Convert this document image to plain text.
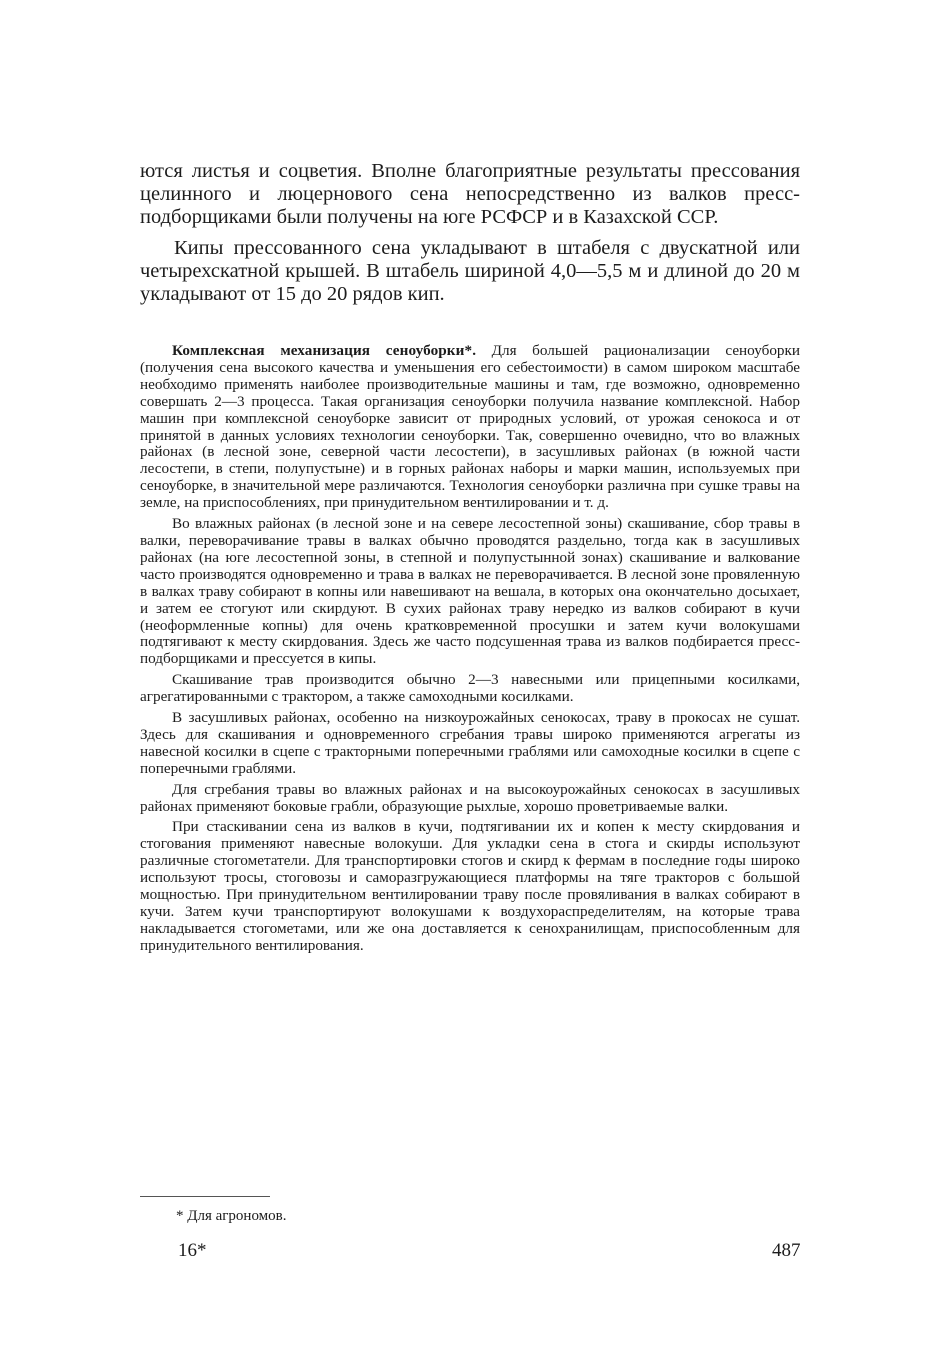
ются листья и соцветия. Вполне благоприятные результаты прессования целинного и люцернового сена непосредственно из валков пресс-подборщиками были получены на юге РСФСР и в Казахской ССР.

Кипы прессованного сена укладывают в штабеля с двускатной или четырехскатной крышей. В штабель шириной 4,0—5,5 м и длиной до 20 м укладывают от 15 до 20 рядов кип.

Комплексная механизация сеноуборки*. Для большей рационализации сеноуборки (получения сена высокого качества и уменьшения его себестоимости) в самом широком масштабе необходимо применять наиболее производительные машины и там, где возможно, одновременно совершать 2—3 процесса. Такая организация сеноуборки получила название комплексной. Набор машин при комплексной сеноуборке зависит от природных условий, от урожая сенокоса и от принятой в данных условиях технологии сеноуборки. Так, совершенно очевидно, что во влажных районах (в лесной зоне, северной части лесостепи), в засушливых районах (в южной части лесостепи, в степи, полупустыне) и в горных районах наборы и марки машин, используемых при сеноуборке, в значительной мере различаются. Технология сеноуборки различна при сушке травы на земле, на приспособлениях, при принудительном вентилировании и т. д.

Во влажных районах (в лесной зоне и на севере лесостепной зоны) скашивание, сбор травы в валки, переворачивание травы в валках обычно проводятся раздельно, тогда как в засушливых районах (на юге лесостепной зоны, в степной и полупустынной зонах) скашивание и валкование часто производятся одновременно и трава в валках не переворачивается. В лесной зоне провяленную в валках траву собирают в копны или навешивают на вешала, в которых она окончательно досыхает, и затем ее стогуют или скирдуют. В сухих районах траву нередко из валков собирают в кучи (неоформленные копны) для очень кратковременной просушки и затем кучи волокушами подтягивают к месту скирдования. Здесь же часто подсушенная трава из валков подбирается пресс-подборщиками и прессуется в кипы.

Скашивание трав производится обычно 2—3 навесными или прицепными косилками, агрегатированными с трактором, а также самоходными косилками.

В засушливых районах, особенно на низкоурожайных сенокосах, траву в прокосах не сушат. Здесь для скашивания и одновременного сгребания травы широко применяются агрегаты из навесной косилки в сцепе с тракторными поперечными граблями или самоходные косилки в сцепе с поперечными граблями.

Для сгребания травы во влажных районах и на высокоурожайных сенокосах в засушливых районах применяют боковые грабли, образующие рыхлые, хорошо проветриваемые валки.

При стаскивании сена из валков в кучи, подтягивании их и копен к месту скирдования и стогования применяют навесные волокуши. Для укладки сена в стога и скирды используют различные стогометатели. Для транспортировки стогов и скирд к фермам в последние годы широко используют тросы, стоговозы и саморазгружающиеся платформы на тяге тракторов с большой мощностью. При принудительном вентилировании траву после провяливания в валках собирают в кучи. Затем кучи транспортируют волокушами к воздухораспределителям, на которые трава накладывается стогометами, или же она доставляется к сенохранилищам, приспособленным для принудительного вентилирования.

* Для агрономов.
16*	487
